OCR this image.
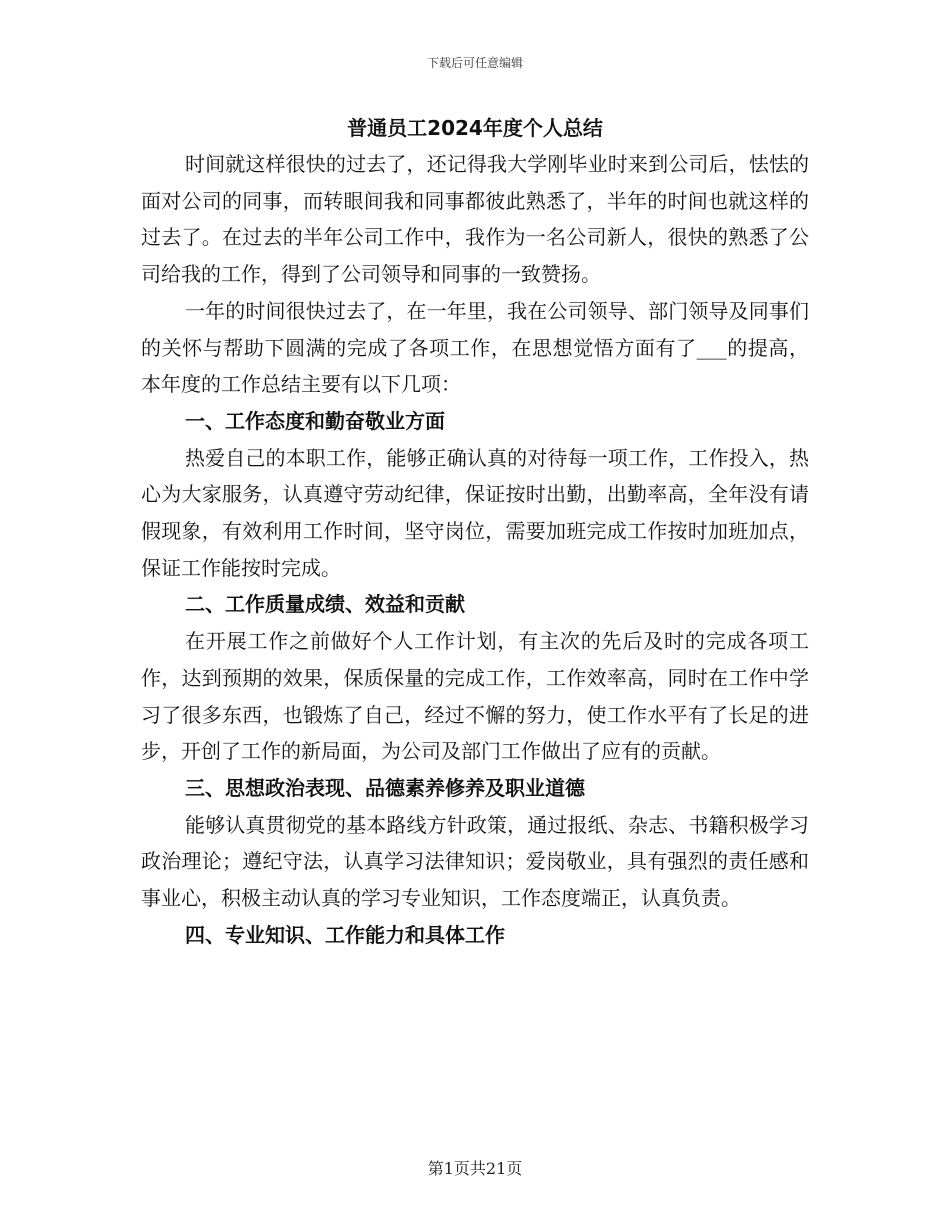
下载后可任意编辑
普通员工2024年度个人总结

时间就这样很快的过去了，还记得我大学刚毕业时来到公司后，怯怯的面对公司的同事，而转眼间我和同事都彼此熟悉了，半年的时间也就这样的过去了。在过去的半年公司工作中，我作为一名公司新人，很快的熟悉了公司给我的工作，得到了公司领导和同事的一致赞扬。

一年的时间很快过去了，在一年里，我在公司领导、部门领导及同事们的关怀与帮助下圆满的完成了各项工作，在思想觉悟方面有了___的提高，本年度的工作总结主要有以下几项：

一、工作态度和勤奋敬业方面

热爱自己的本职工作，能够正确认真的对待每一项工作，工作投入，热心为大家服务，认真遵守劳动纪律，保证按时出勤，出勤率高，全年没有请假现象，有效利用工作时间，坚守岗位，需要加班完成工作按时加班加点，保证工作能按时完成。

二、工作质量成绩、效益和贡献

在开展工作之前做好个人工作计划，有主次的先后及时的完成各项工作，达到预期的效果，保质保量的完成工作，工作效率高，同时在工作中学习了很多东西，也锻炼了自己，经过不懈的努力，使工作水平有了长足的进步，开创了工作的新局面，为公司及部门工作做出了应有的贡献。

三、思想政治表现、品德素养修养及职业道德

能够认真贯彻党的基本路线方针政策，通过报纸、杂志、书籍积极学习政治理论；遵纪守法，认真学习法律知识；爱岗敬业，具有强烈的责任感和事业心，积极主动认真的学习专业知识，工作态度端正，认真负责。

四、专业知识、工作能力和具体工作
第1页共21页
